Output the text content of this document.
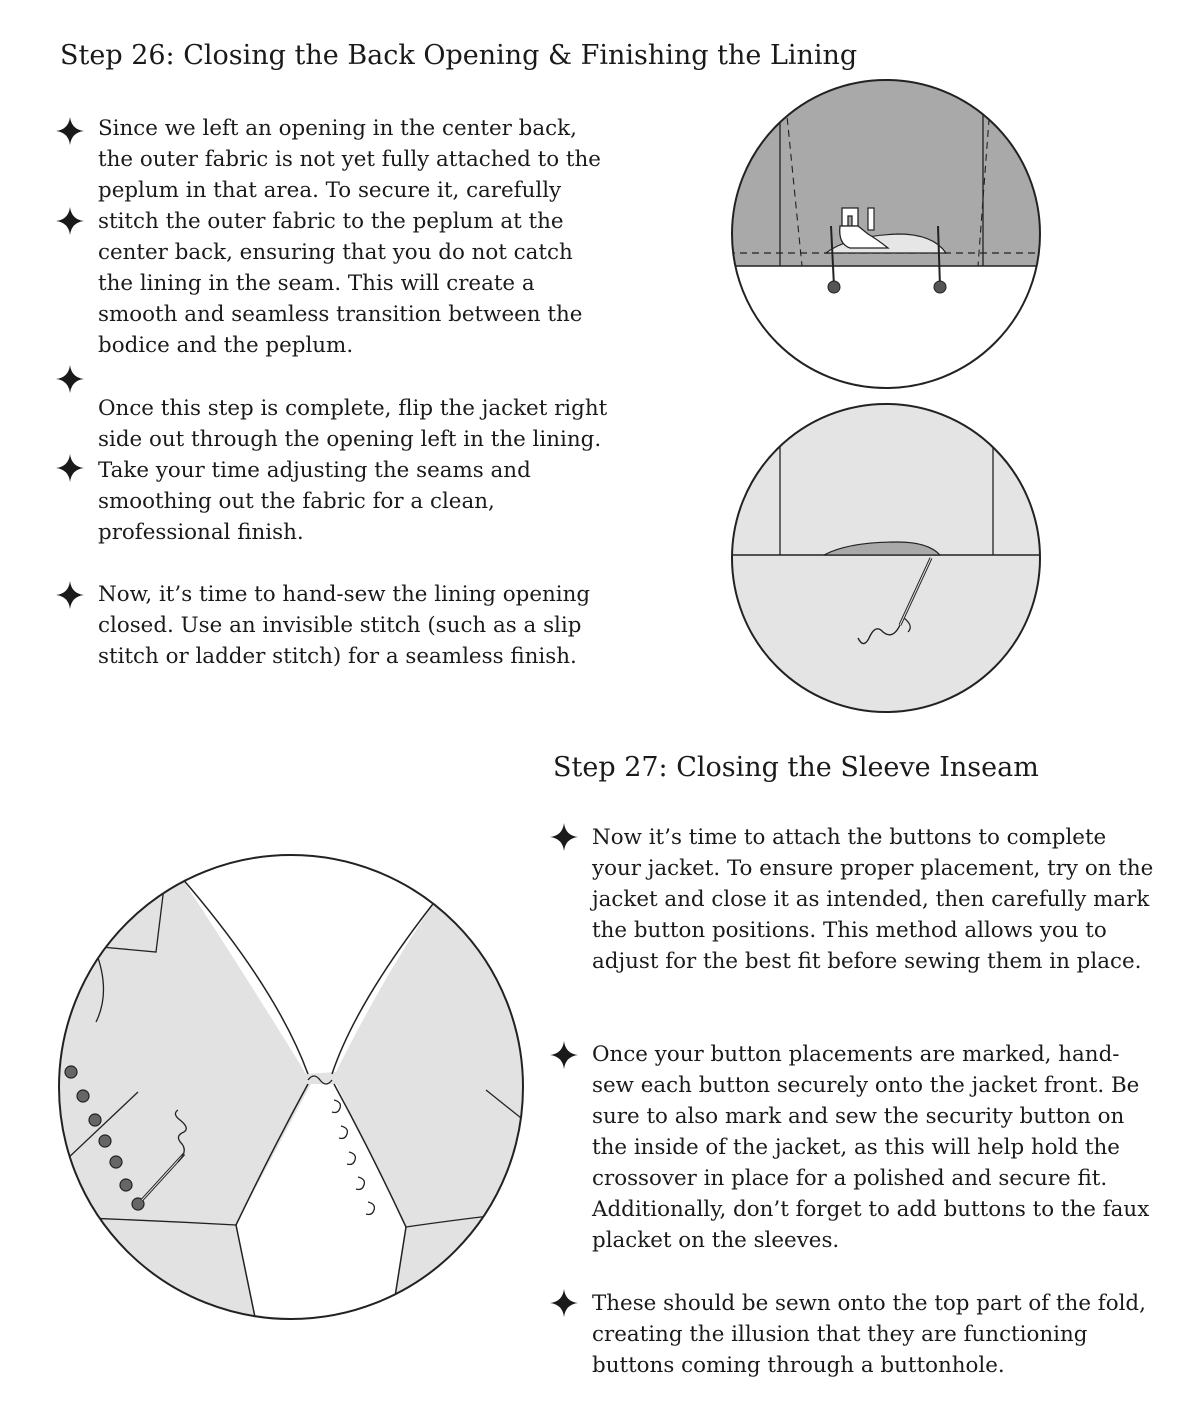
Step 26: Closing the Back Opening & Finishing the Lining

Since we left an opening in the center back, the outer fabric is not yet fully attached to the peplum in that area. To secure it, carefully stitch the outer fabric to the peplum at the center back, ensuring that you do not catch the lining in the seam. This will create a smooth and seamless transition between the bodice and the peplum.

Once this step is complete, flip the jacket right side out through the opening left in the lining. Take your time adjusting the seams and smoothing out the fabric for a clean, professional finish.

Now, it’s time to hand-sew the lining opening closed. Use an invisible stitch (such as a slip stitch or ladder stitch) for a seamless finish.

Step 27: Closing the Sleeve Inseam

Now it’s time to attach the buttons to complete your jacket. To ensure proper placement, try on the jacket and close it as intended, then carefully mark the button positions. This method allows you to adjust for the best fit before sewing them in place.

Once your button placements are marked, hand-sew each button securely onto the jacket front. Be sure to also mark and sew the security button on the inside of the jacket, as this will help hold the crossover in place for a polished and secure fit. Additionally, don’t forget to add buttons to the faux placket on the sleeves.

These should be sewn onto the top part of the fold, creating the illusion that they are functioning buttons coming through a buttonhole.
